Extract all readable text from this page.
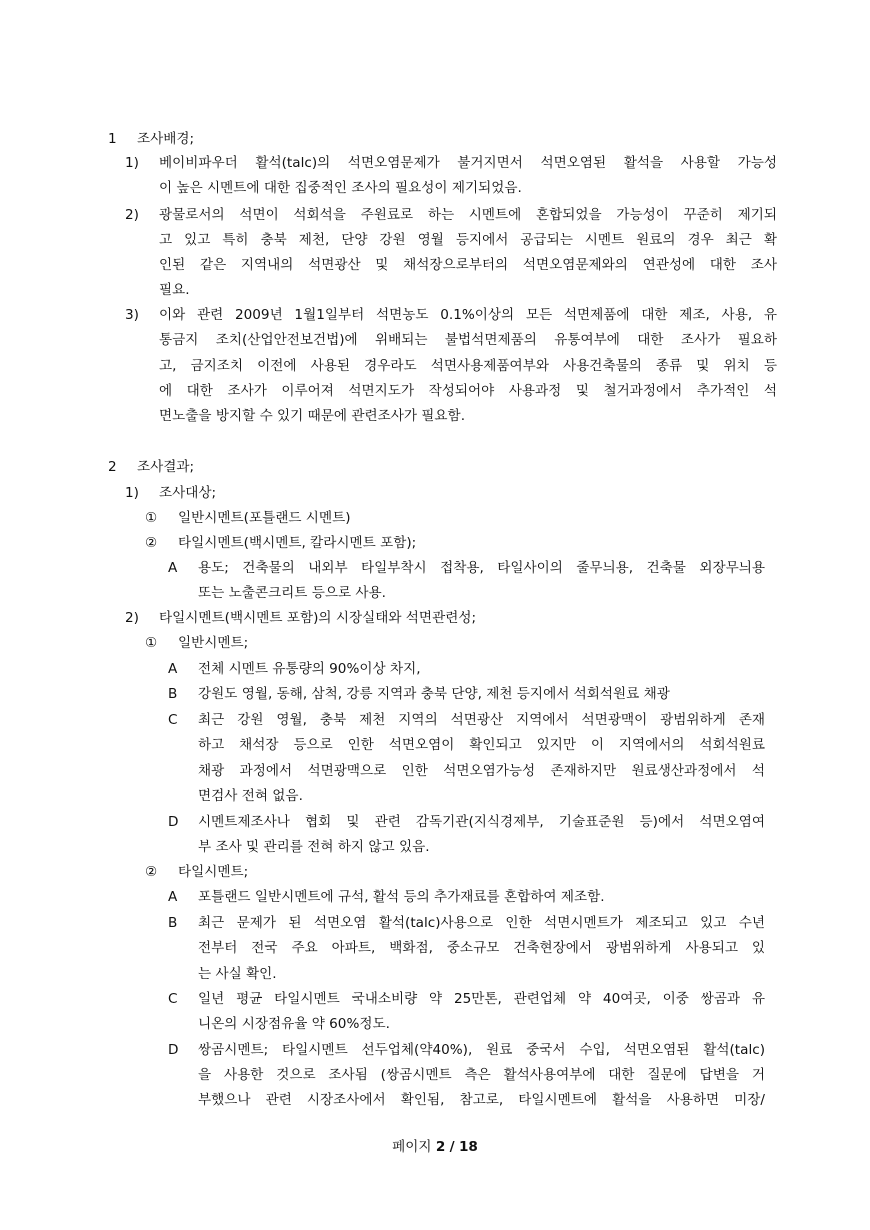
1 조사배경;
1) 베이비파우더 활석(talc)의 석면오염문제가 불거지면서 석면오염된 활석을 사용할 가능성
이 높은 시멘트에 대한 집중적인 조사의 필요성이 제기되었음.
2) 광물로서의 석면이 석회석을 주원료로 하는 시멘트에 혼합되었을 가능성이 꾸준히 제기되
고 있고 특히 충북 제천, 단양 강원 영월 등지에서 공급되는 시멘트 원료의 경우 최근 확
인된 같은 지역내의 석면광산 및 채석장으로부터의 석면오염문제와의 연관성에 대한 조사
필요.
3) 이와 관련 2009년 1월1일부터 석면농도 0.1%이상의 모든 석면제품에 대한 제조, 사용, 유
통금지 조치(산업안전보건법)에 위배되는 불법석면제품의 유통여부에 대한 조사가 필요하
고, 금지조치 이전에 사용된 경우라도 석면사용제품여부와 사용건축물의 종류 및 위치 등
에 대한 조사가 이루어져 석면지도가 작성되어야 사용과정 및 철거과정에서 추가적인 석
면노출을 방지할 수 있기 때문에 관련조사가 필요함.
2 조사결과;
1) 조사대상;
① 일반시멘트(포틀랜드 시멘트)
② 타일시멘트(백시멘트, 칼라시멘트 포함);
A 용도; 건축물의 내외부 타일부착시 접착용, 타일사이의 줄무늬용, 건축물 외장무늬용
또는 노출콘크리트 등으로 사용.
2) 타일시멘트(백시멘트 포함)의 시장실태와 석면관련성;
① 일반시멘트;
A 전체 시멘트 유통량의 90%이상 차지,
B 강원도 영월, 동해, 삼척, 강릉 지역과 충북 단양, 제천 등지에서 석회석원료 채광
C 최근 강원 영월, 충북 제천 지역의 석면광산 지역에서 석면광맥이 광범위하게 존재
하고 채석장 등으로 인한 석면오염이 확인되고 있지만 이 지역에서의 석회석원료
채광 과정에서 석면광맥으로 인한 석면오염가능성 존재하지만 원료생산과정에서 석
면검사 전혀 없음.
D 시멘트제조사나 협회 및 관련 감독기관(지식경제부, 기술표준원 등)에서 석면오염여
부 조사 및 관리를 전혀 하지 않고 있음.
② 타일시멘트;
A 포틀랜드 일반시멘트에 규석, 활석 등의 추가재료를 혼합하여 제조함.
B 최근 문제가 된 석면오염 활석(talc)사용으로 인한 석면시멘트가 제조되고 있고 수년
전부터 전국 주요 아파트, 백화점, 중소규모 건축현장에서 광범위하게 사용되고 있
는 사실 확인.
C 일년 평균 타일시멘트 국내소비량 약 25만톤, 관련업체 약 40여곳, 이중 쌍곰과 유
니온의 시장점유율 약 60%정도.
D 쌍곰시멘트; 타일시멘트 선두업체(약40%), 원료 중국서 수입, 석면오염된 활석(talc)
을 사용한 것으로 조사됨 (쌍곰시멘트 측은 활석사용여부에 대한 질문에 답변을 거
부했으나 관련 시장조사에서 확인됨, 참고로, 타일시멘트에 활석을 사용하면 미장/
페이지 2 / 18
